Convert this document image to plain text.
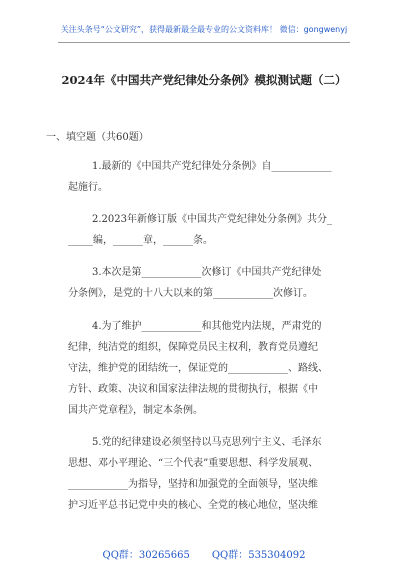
关注头条号“公文研究”，获得最新最全最专业的公文资料库！ 微信：gongwenyj
2024年《中国共产党纪律处分条例》模拟测试题（二）
一、填空题（共60题）
1.最新的《中国共产党纪律处分条例》自____________
起施行。
2.2023年新修订版《中国共产党纪律处分条例》共分_
_____编，______章，______条。
3.本次是第____________次修订《中国共产党纪律处
分条例》，是党的十八大以来的第____________次修订。
4.为了维护____________和其他党内法规，严肃党的
纪律，纯洁党的组织，保障党员民主权利，教育党员遵纪
守法，维护党的团结统一，保证党的____________、路线、
方针、政策、决议和国家法律法规的贯彻执行，根据《中
国共产党章程》，制定本条例。
5.党的纪律建设必须坚持以马克思列宁主义、毛泽东
思想、邓小平理论、“三个代表”重要思想、科学发展观、
____________为指导，坚持和加强党的全面领导，坚决维
护习近平总书记党中央的核心、全党的核心地位，坚决维
QQ群：30265665 QQ群：535304092
